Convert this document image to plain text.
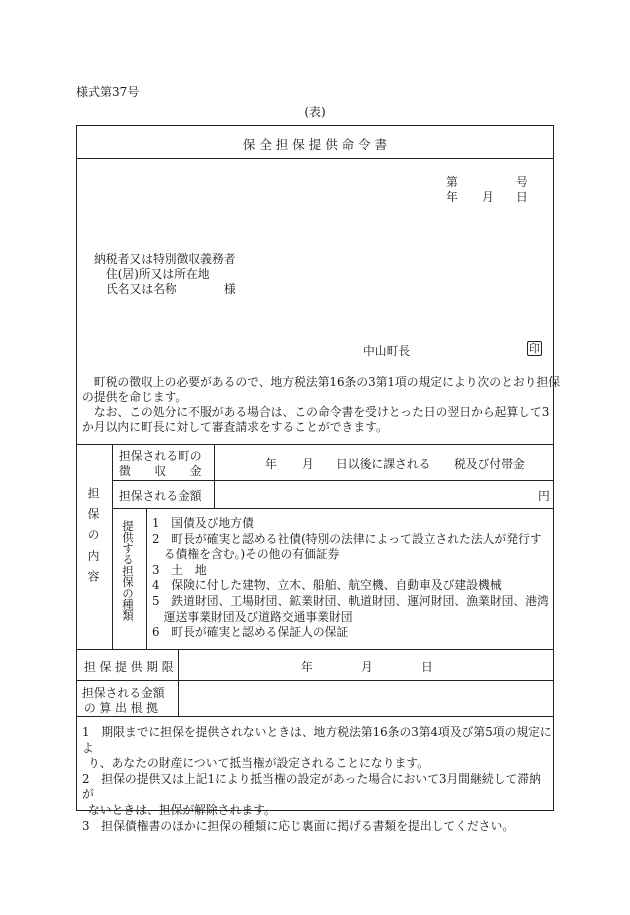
様式第37号
(表)
保 全 担 保 提 供 命 令 書
第	号
年 月 日
納税者又は特別徴収義務者
住(居)所又は所在地
氏名又は名称	様
中山町長	印
　町税の徴収上の必要があるので、地方税法第16条の3第1項の規定により次のとおり担保
の提供を命じます。
　なお、この処分に不服がある場合は、この命令書を受けとった日の翌日から起算して3
か月以内に町長に対して審査請求をすることができます。
担保の内容
担保される町の
徴　　収　　金	年 月 日以後に課される 税及び付帯金
担保される金額	円
提供する担保の種類 1　国債及び地方債
2　町長が確実と認める社債(特別の法律によって設立された法人が発行す
　る債権を含む。)その他の有価証券
3　土　地
4　保険に付した建物、立木、船舶、航空機、自動車及び建設機械
5　鉄道財団、工場財団、鉱業財団、軌道財団、運河財団、漁業財団、港湾
　運送事業財団及び道路交通事業財団
6　町長が確実と認める保証人の保証
担 保 提 供 期 限	年	月	日
担保される金額
の 算 出 根 拠
1　期限までに担保を提供されないときは、地方税法第16条の3第4項及び第5項の規定によ
り、あなたの財産について抵当権が設定されることになります。
2　担保の提供又は上記1により抵当権の設定があった場合において3月間継続して滞納が
ないときは、担保が解除されます。
3　担保債権書のほかに担保の種類に応じ裏面に掲げる書類を提出してください。
